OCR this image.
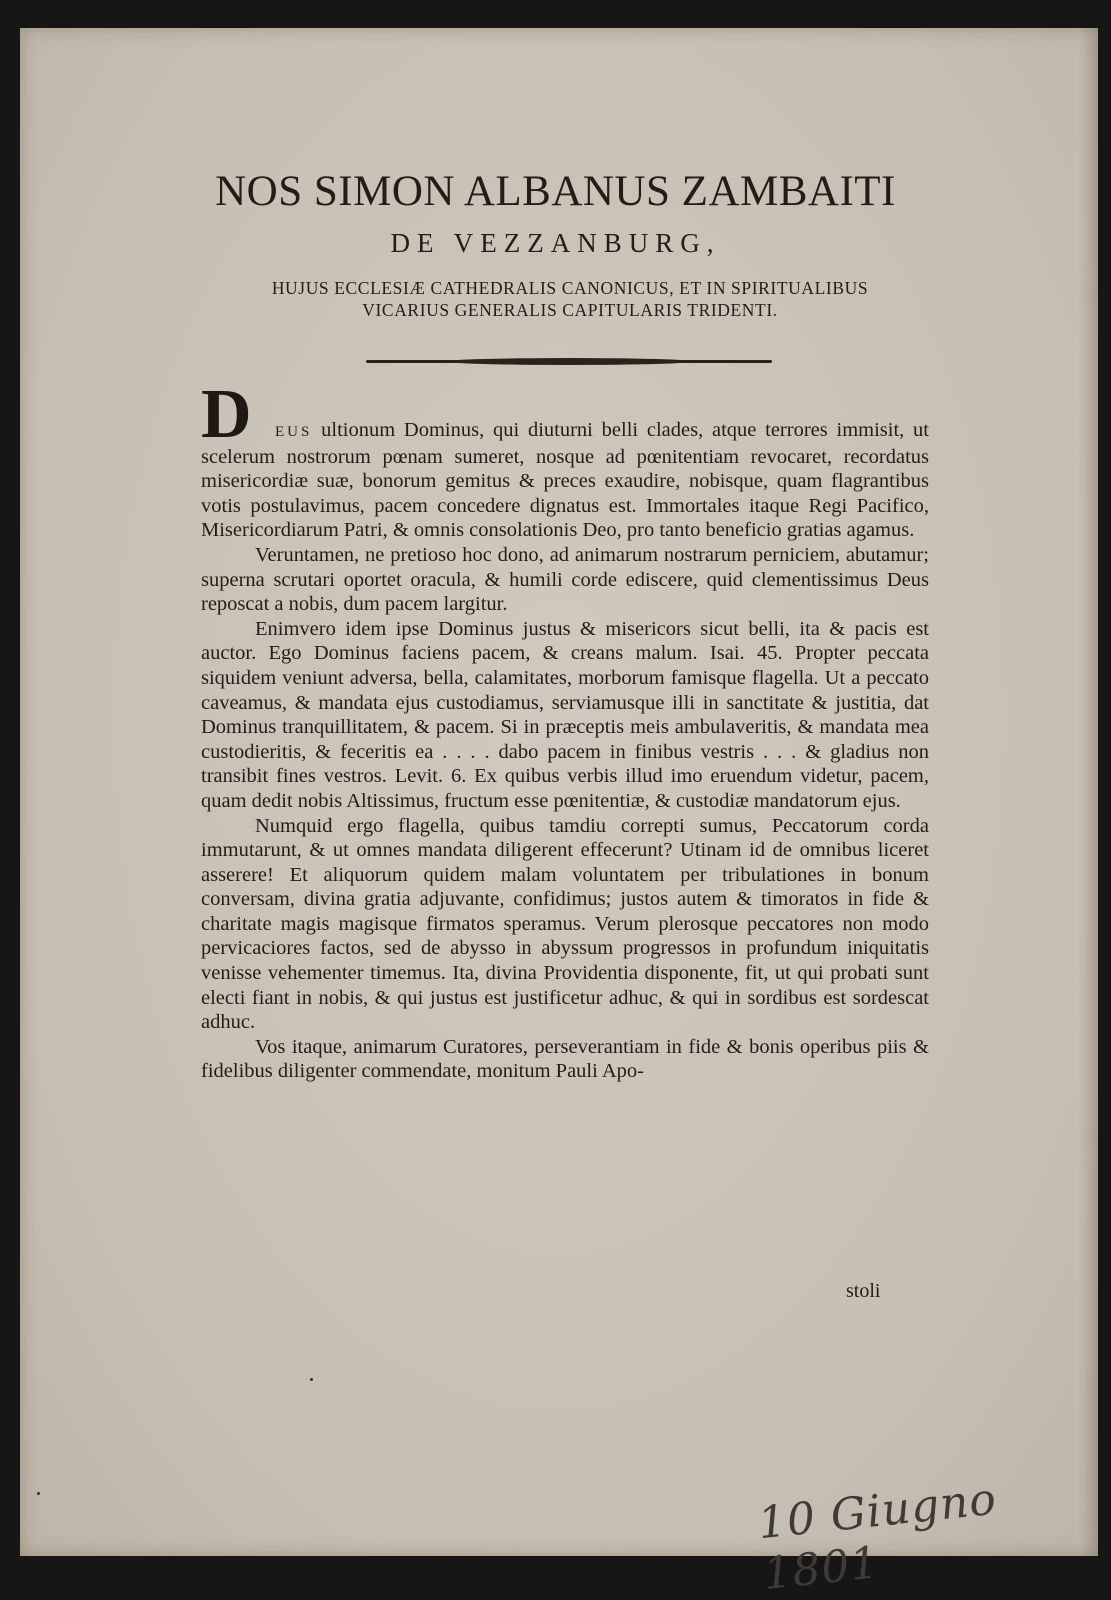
NOS SIMON ALBANUS ZAMBAITI
DE VEZZANBURG,
HUJUS ECCLESIÆ CATHEDRALIS CANONICUS, ET IN SPIRITUALIBUS
VICARIUS GENERALIS CAPITULARIS TRIDENTI.

D EUS ultionum Dominus, qui diuturni belli clades, atque terrores immisit, ut scelerum nostrorum pœnam sumeret, nosque ad pœnitentiam revocaret, recordatus misericordiæ suæ, bonorum gemitus & preces exaudire, nobisque, quam flagrantibus votis postulavimus, pacem concedere dignatus est. Immortales itaque Regi Pacifico, Misericordiarum Patri, & omnis consolationis Deo, pro tanto beneficio gratias agamus.

Veruntamen, ne pretioso hoc dono, ad animarum nostrarum perniciem, abutamur; superna scrutari oportet oracula, & humili corde ediscere, quid clementissimus Deus reposcat a nobis, dum pacem largitur.

Enimvero idem ipse Dominus justus & misericors sicut belli, ita & pacis est auctor. Ego Dominus faciens pacem, & creans malum. Isai. 45. Propter peccata siquidem veniunt adversa, bella, calamitates, morborum famisque flagella. Ut a peccato caveamus, & mandata ejus custodiamus, serviamusque illi in sanctitate & justitia, dat Dominus tranquillitatem, & pacem. Si in præceptis meis ambulaveritis, & mandata mea custodieritis, & feceritis ea . . . . dabo pacem in finibus vestris . . . & gladius non transibit fines vestros. Levit. 6. Ex quibus verbis illud imo eruendum videtur, pacem, quam dedit nobis Altissimus, fructum esse pœnitentiæ, & custodiæ mandatorum ejus.

Numquid ergo flagella, quibus tamdiu correpti sumus, Peccatorum corda immutarunt, & ut omnes mandata diligerent effecerunt? Utinam id de omnibus liceret asserere! Et aliquorum quidem malam voluntatem per tribulationes in bonum conversam, divina gratia adjuvante, confidimus; justos autem & timoratos in fide & charitate magis magisque firmatos speramus. Verum plerosque peccatores non modo pervicaciores factos, sed de abysso in abyssum progressos in profundum iniquitatis venisse vehementer timemus. Ita, divina Providentia disponente, fit, ut qui probati sunt electi fiant in nobis, & qui justus est justificetur adhuc, & qui in sordibus est sordescat adhuc.

Vos itaque, animarum Curatores, perseverantiam in fide & bonis operibus piis & fidelibus diligenter commendate, monitum Pauli Apo-

stoli
10 Giugno 1801
